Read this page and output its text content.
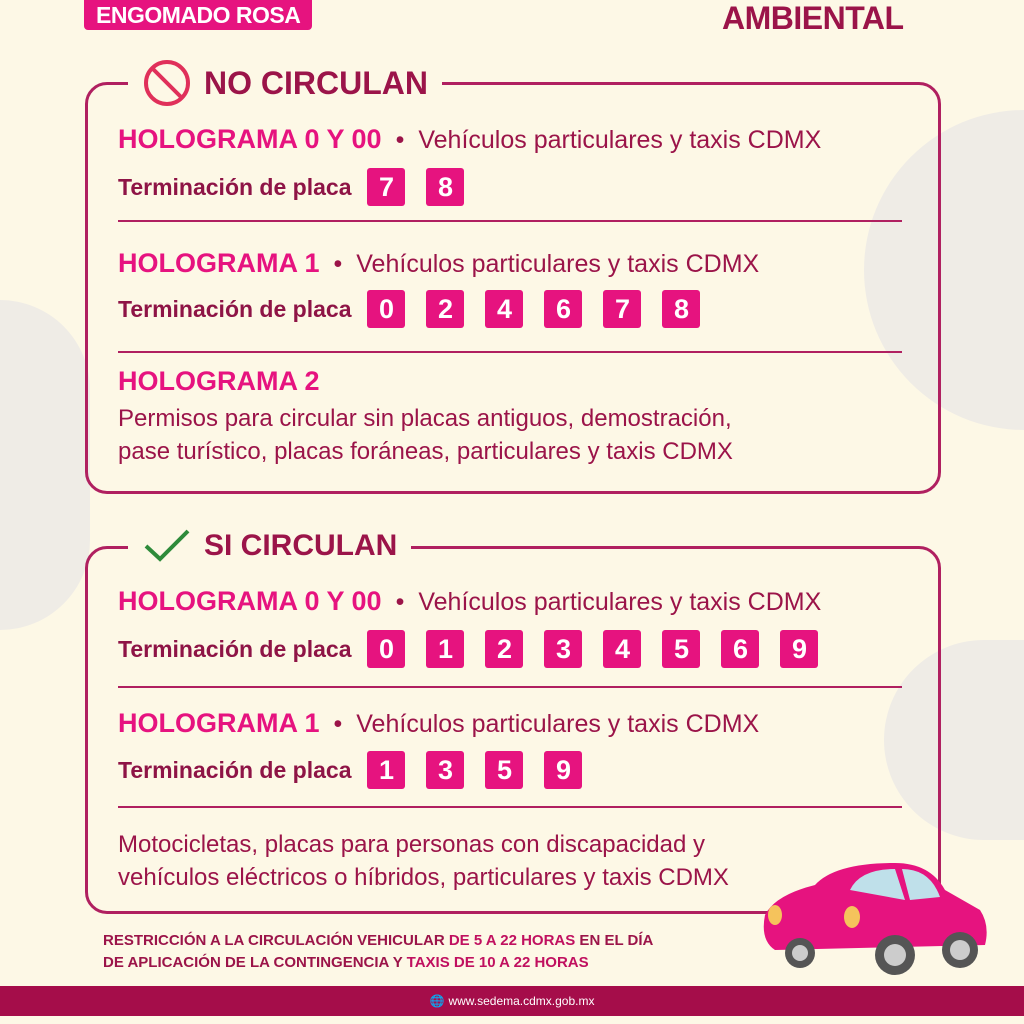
ENGOMADO ROSA	AMBIENTAL
NO CIRCULAN
HOLOGRAMA 0 Y 00 • Vehículos particulares y taxis CDMX
Terminación de placa	7	8
HOLOGRAMA 1 • Vehículos particulares y taxis CDMX
Terminación de placa	0	2	4	6	7	8
HOLOGRAMA 2
Permisos para circular sin placas antiguos, demostración,
pase turístico, placas foráneas, particulares y taxis CDMX
SI CIRCULAN
HOLOGRAMA 0 Y 00 • Vehículos particulares y taxis CDMX
Terminación de placa	0	1	2	3	4	5	6	9
HOLOGRAMA 1 • Vehículos particulares y taxis CDMX
Terminación de placa	1	3	5	9
Motocicletas, placas para personas con discapacidad y
vehículos eléctricos o híbridos, particulares y taxis CDMX
RESTRICCIÓN A LA CIRCULACIÓN VEHICULAR DE 5 A 22 HORAS EN EL DÍA
DE APLICACIÓN DE LA CONTINGENCIA Y TAXIS DE 10 A 22 HORAS
🌐 www.sedema.cdmx.gob.mx
